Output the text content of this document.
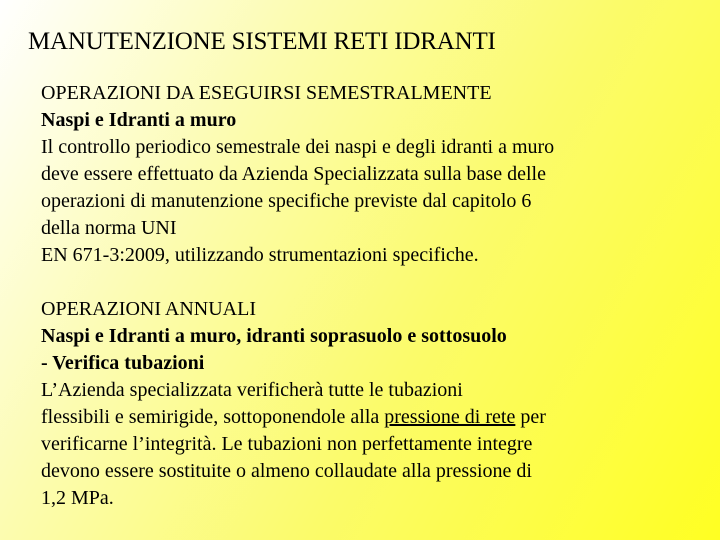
MANUTENZIONE SISTEMI RETI IDRANTI
OPERAZIONI DA ESEGUIRSI SEMESTRALMENTE
Naspi e Idranti a muro
Il controllo periodico semestrale dei naspi e degli idranti a muro
deve essere effettuato da Azienda Specializzata sulla base delle
operazioni di manutenzione specifiche previste dal capitolo 6
della norma UNI
EN 671-3:2009, utilizzando strumentazioni specifiche.
OPERAZIONI ANNUALI
Naspi e Idranti a muro, idranti soprasuolo e sottosuolo
- Verifica tubazioni
L’Azienda specializzata verificherà tutte le tubazioni
flessibili e semirigide, sottoponendole alla pressione di rete per
verificarne l’integrità. Le tubazioni non perfettamente integre
devono essere sostituite o almeno collaudate alla pressione di
1,2 MPa.
